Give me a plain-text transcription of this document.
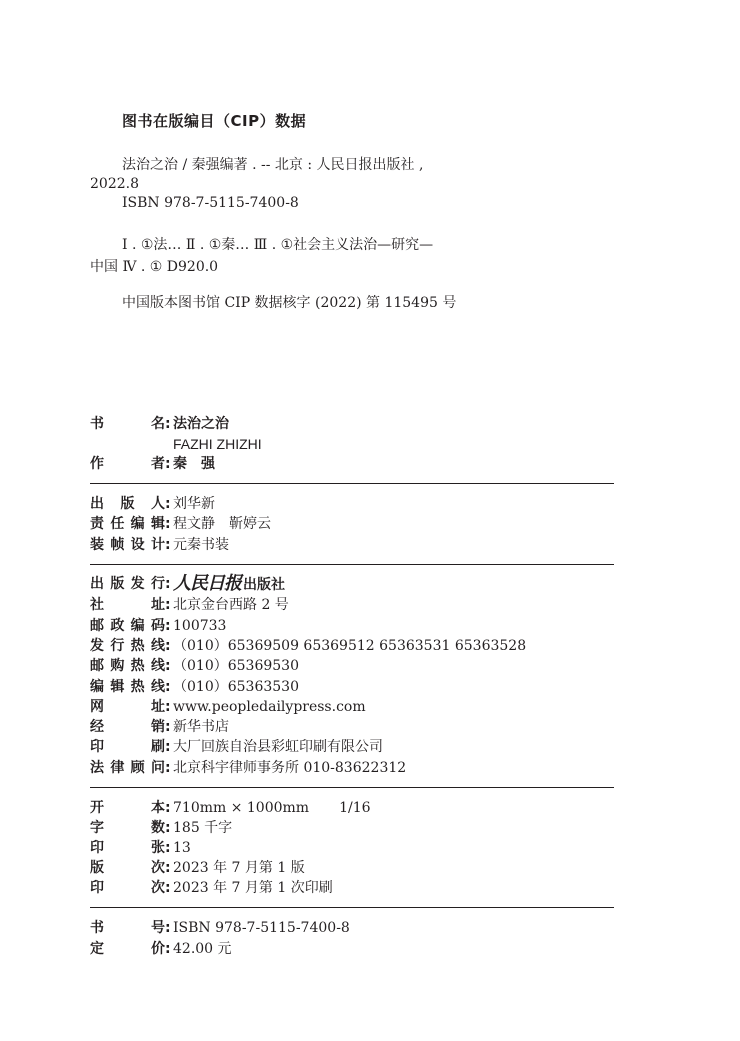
图书在版编目（CIP）数据
法治之治 / 秦强编著 . -- 北京 : 人民日报出版社 ,
2022.8
ISBN 978-7-5115-7400-8
Ⅰ . ①法… Ⅱ . ①秦… Ⅲ . ①社会主义法治—研究—
中国 Ⅳ . ① D920.0
中国版本图书馆 CIP 数据核字 (2022) 第 115495 号
书名: 法治之治
FAZHI ZHIZHI
作者: 秦　强
出版人: 刘华新
责任编辑: 程文静　靳婷云
装帧设计: 元秦书装
出版发行: 人民日报 出版社
社址: 北京金台西路 2 号
邮政编码: 100733
发行热线: （010）65369509 65369512 65363531 65363528
邮购热线: （010）65369530
编辑热线: （010）65363530
网址: www.peopledailypress.com
经销: 新华书店
印刷: 大厂回族自治县彩虹印刷有限公司
法律顾问: 北京科宇律师事务所 010-83622312
开本: 710mm × 1000mm 1/16
字数: 185 千字
印张: 13
版次: 2023 年 7 月第 1 版
印次: 2023 年 7 月第 1 次印刷
书号: ISBN 978-7-5115-7400-8
定价: 42.00 元
